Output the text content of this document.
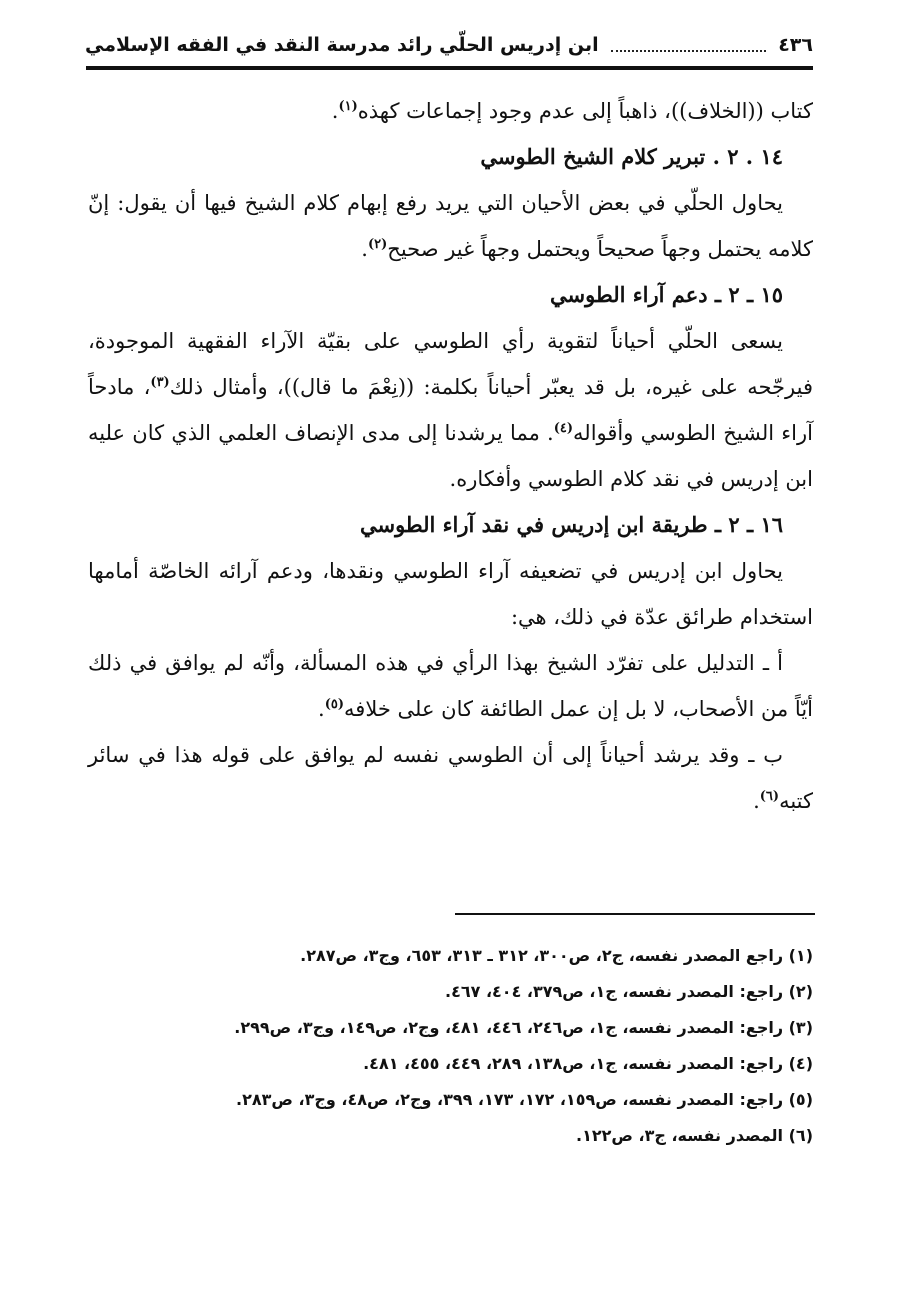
٤٣٦
ابن إدريس الحلّي رائد مدرسة النقد في الفقه الإسلامي

كتاب ((الخلاف))، ذاهباً إلى عدم وجود إجماعات كهذه$^{(١)}$.

١٤ . ٢ . تبرير كلام الشيخ الطوسي

يحاول الحلّي في بعض الأحيان التي يريد رفع إبهام كلام الشيخ فيها أن يقول: إنّ كلامه يحتمل وجهاً صحيحاً ويحتمل وجهاً غير صحيح$^{(٢)}$.

١٥ ـ ٢ ـ دعم آراء الطوسي

يسعى الحلّي أحياناً لتقوية رأي الطوسي على بقيّة الآراء الفقهية الموجودة، فيرجّحه على غيره، بل قد يعبّر أحياناً بكلمة: ((نِعْمَ ما قال))، وأمثال ذلك$^{(٣)}$، مادحاً آراء الشيخ الطوسي وأقواله$^{(٤)}$. مما يرشدنا إلى مدى الإنصاف العلمي الذي كان عليه ابن إدريس في نقد كلام الطوسي وأفكاره.

١٦ ـ ٢ ـ طريقة ابن إدريس في نقد آراء الطوسي

يحاول ابن إدريس في تضعيفه آراء الطوسي ونقدها، ودعم آرائه الخاصّة أمامها استخدام طرائق عدّة في ذلك، هي:

أ ـ التدليل على تفرّد الشيخ بهذا الرأي في هذه المسألة، وأنّه لم يوافق في ذلك أيّاً من الأصحاب، لا بل إن عمل الطائفة كان على خلافه$^{(٥)}$.

ب ـ وقد يرشد أحياناً إلى أن الطوسي نفسه لم يوافق على قوله هذا في سائر كتبه$^{(٦)}$.

(١) راجع المصدر نفسه، ج٢، ص٣٠٠، ٣١٢ ـ ٣١٣، ٦٥٣، وج٣، ص٢٨٧.
(٢) راجع: المصدر نفسه، ج١، ص٣٧٩، ٤٠٤، ٤٦٧.
(٣) راجع: المصدر نفسه، ج١، ص٢٤٦، ٤٤٦، ٤٨١، وج٢، ص١٤٩، وج٣، ص٢٩٩.
(٤) راجع: المصدر نفسه، ج١، ص١٣٨، ٢٨٩، ٤٤٩، ٤٥٥، ٤٨١.
(٥) راجع: المصدر نفسه، ص١٥٩، ١٧٢، ١٧٣، ٣٩٩، وج٢، ص٤٨، وج٣، ص٢٨٣.
(٦) المصدر نفسه، ج٣، ص١٢٢.
